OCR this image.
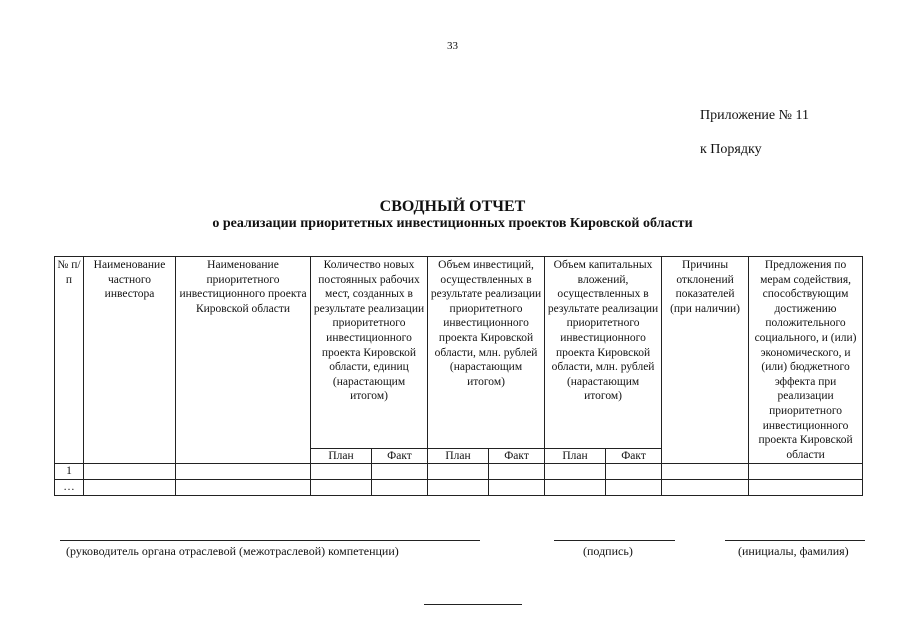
33
Приложение № 11
к Порядку
СВОДНЫЙ ОТЧЕТ
о реализации приоритетных инвестиционных проектов Кировской области
№ п/п	Наименование частного инвестора	Наименование приоритетного инвестиционного проекта Кировской области	Количество новых постоянных рабочих мест, созданных в результате реализации приоритетного инвестиционного проекта Кировской области, единиц (нарастающим итогом)		Объем инвестиций, осуществленных в результате реализации приоритетного инвестиционного проекта Кировской области, млн. рублей (нарастающим итогом)		Объем капитальных вложений, осуществленных в результате реализации приоритетного инвестиционного проекта Кировской области, млн. рублей (нарастающим итогом)		Причины отклонений показателей (при наличии)	Предложения по мерам содействия, способствующим достижению положительного социального, и (или) экономического, и (или) бюджетного эффекта при реализации приоритетного инвестиционного проекта Кировской области
			План	Факт	План	Факт	План	Факт		
1										
…										
(руководитель органа отраслевой (межотраслевой) компетенции)	(подпись)	(инициалы, фамилия)
